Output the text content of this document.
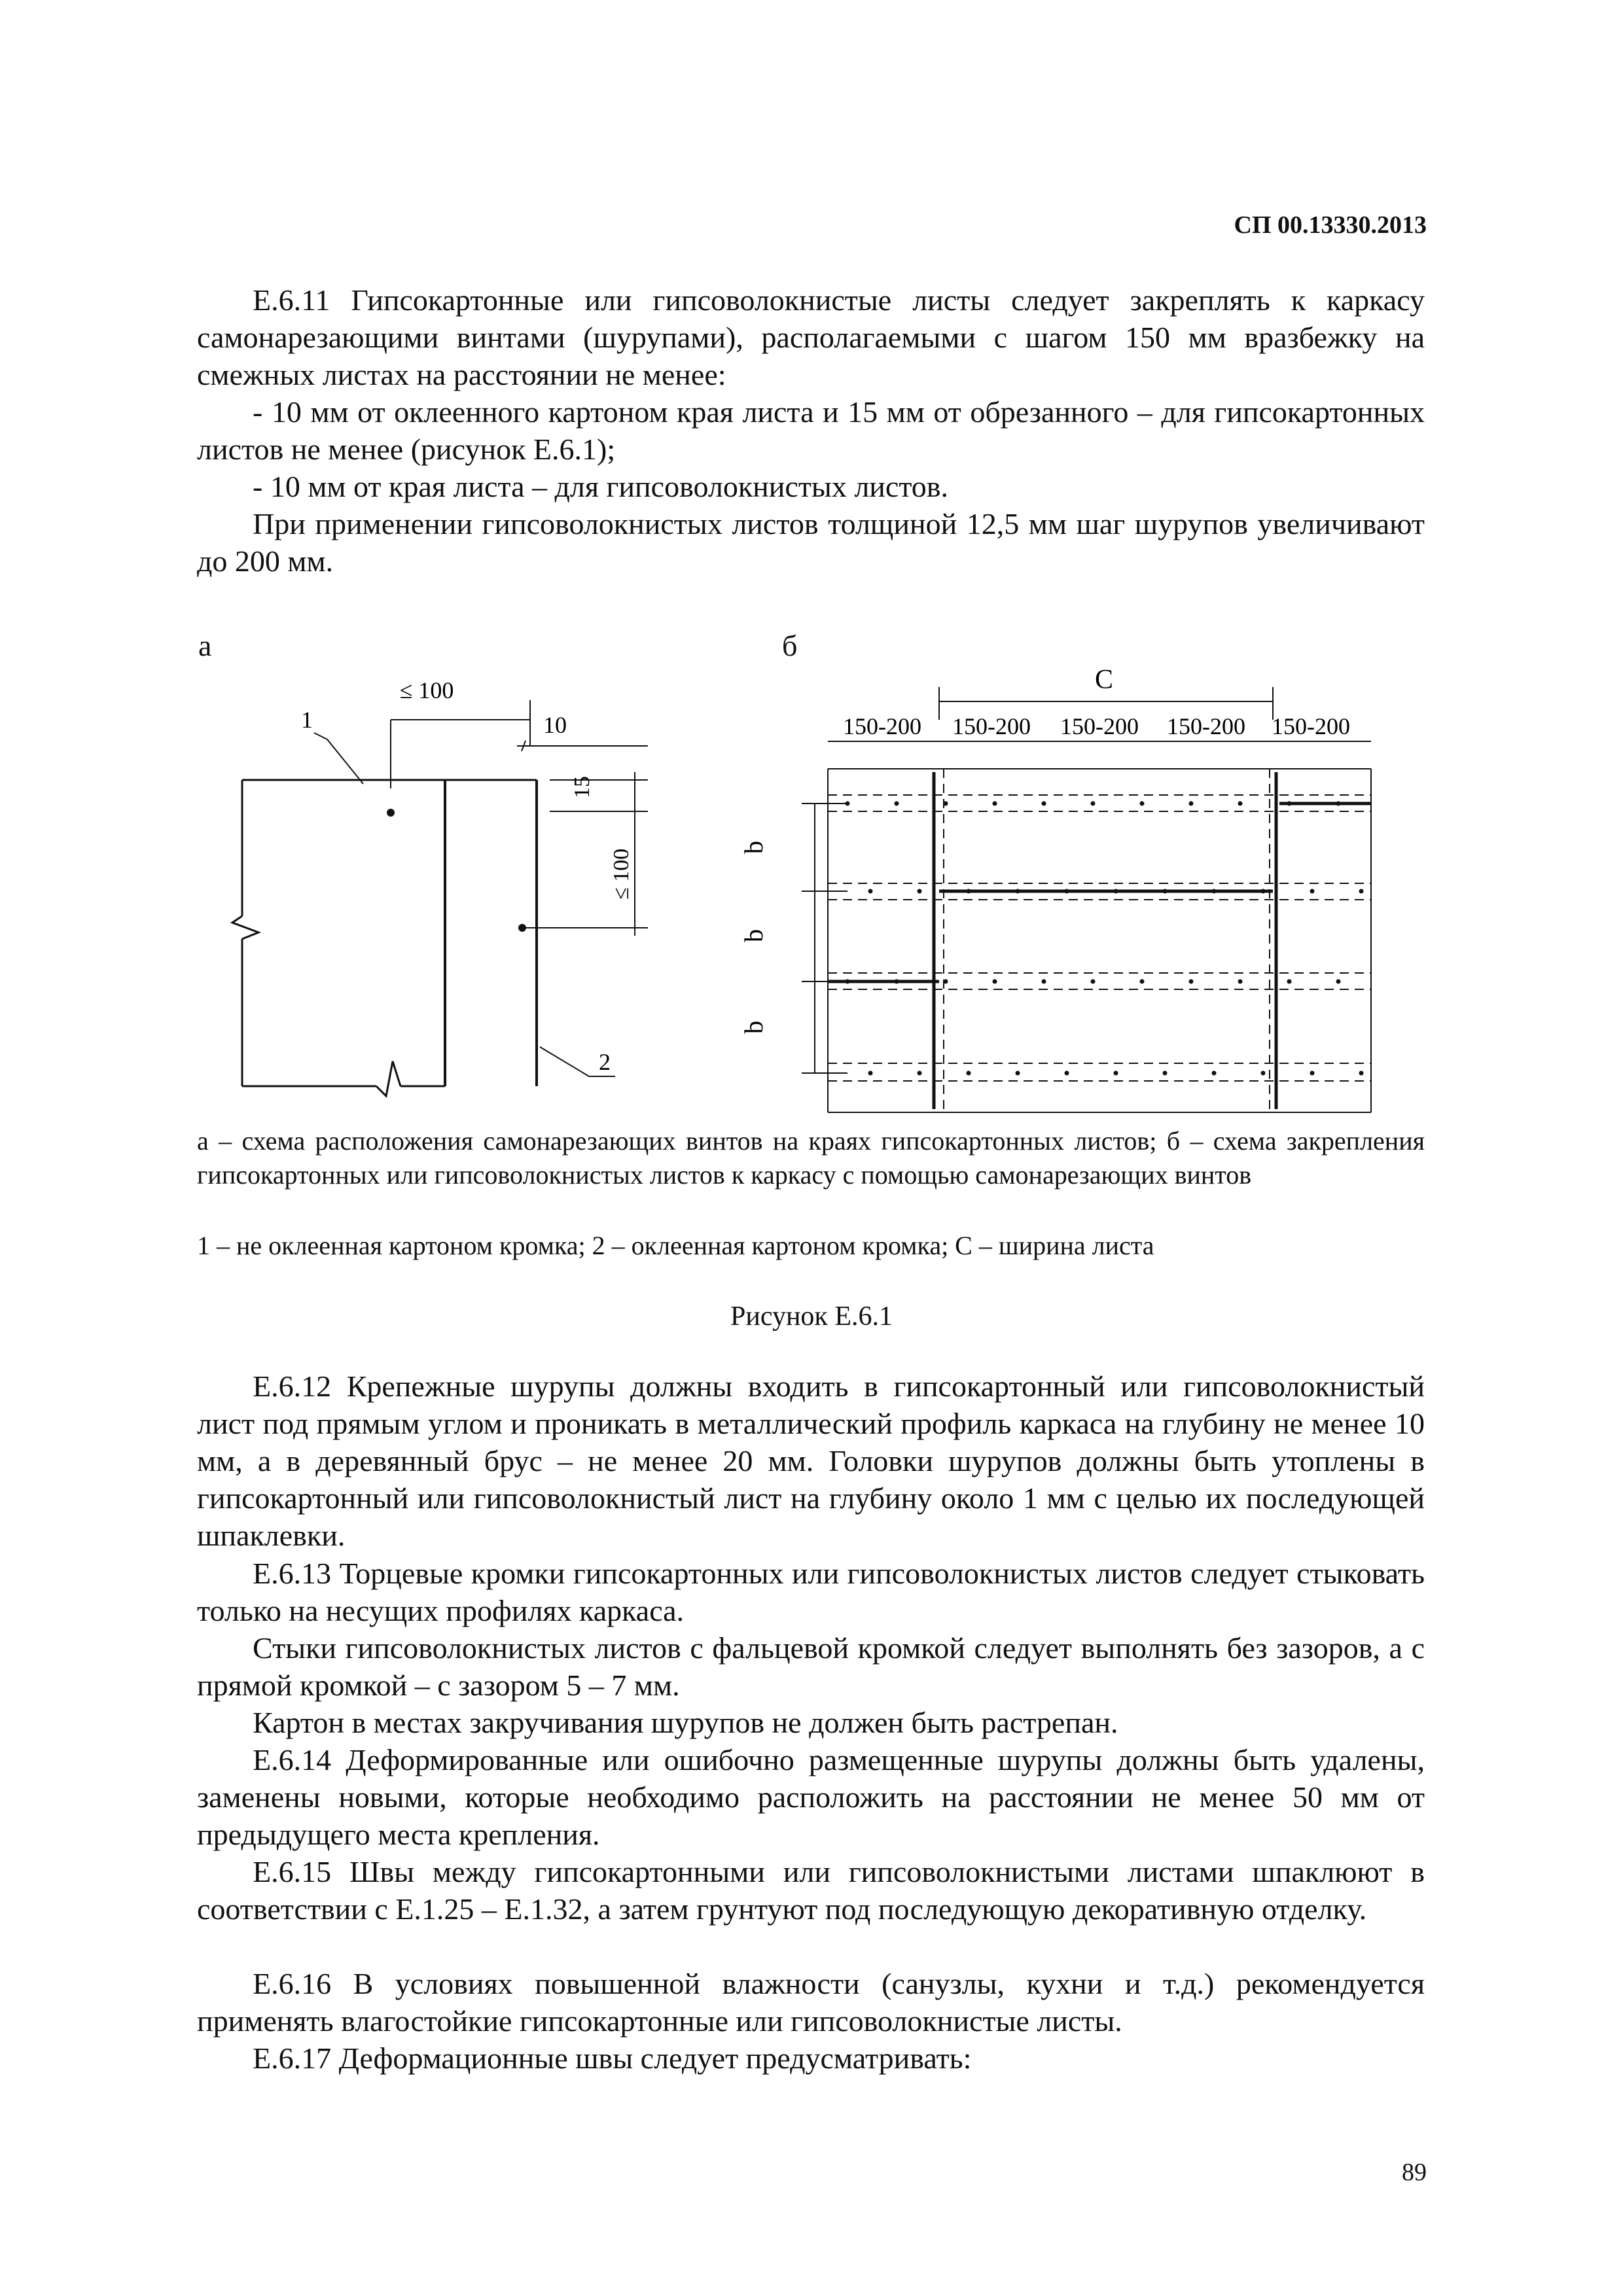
СП 00.13330.2013

Е.6.11 Гипсокартонные или гипсоволокнистые листы следует закреплять к каркасу самонарезающими винтами (шурупами), располагаемыми с шагом 150 мм вразбежку на смежных листах на расстоянии не менее:

- 10 мм от оклеенного картоном края листа и 15 мм от обрезанного – для гипсокартонных листов не менее (рисунок Е.6.1);

- 10 мм от края листа – для гипсоволокнистых листов.

При применении гипсоволокнистых листов толщиной 12,5 мм шаг шурупов увеличивают до 200 мм.

а	б
≤ 100
10
15
≤ 100
1
2
С
150-200 150-200 150-200 150-200 150-200
b
b
b

а – схема расположения самонарезающих винтов на краях гипсокартонных листов; б – схема закрепления гипсокартонных или гипсоволокнистых листов к каркасу с помощью самонарезающих винтов

1 – не оклеенная картоном кромка; 2 – оклеенная картоном кромка; С – ширина листа

Рисунок Е.6.1

Е.6.12 Крепежные шурупы должны входить в гипсокартонный или гипсоволокнистый лист под прямым углом и проникать в металлический профиль каркаса на глубину не менее 10 мм, а в деревянный брус – не менее 20 мм. Головки шурупов должны быть утоплены в гипсокартонный или гипсоволокнистый лист на глубину около 1 мм с целью их последующей шпаклевки.

Е.6.13 Торцевые кромки гипсокартонных или гипсоволокнистых листов следует стыковать только на несущих профилях каркаса.

Стыки гипсоволокнистых листов с фальцевой кромкой следует выполнять без зазоров, а с прямой кромкой – с зазором 5 – 7 мм.

Картон в местах закручивания шурупов не должен быть растрепан.

Е.6.14 Деформированные или ошибочно размещенные шурупы должны быть удалены, заменены новыми, которые необходимо расположить на расстоянии не менее 50 мм от предыдущего места крепления.

Е.6.15 Швы между гипсокартонными или гипсоволокнистыми листами шпаклюют в соответствии с Е.1.25 – Е.1.32, а затем грунтуют под последующую декоративную отделку.

Е.6.16 В условиях повышенной влажности (санузлы, кухни и т.д.) рекомендуется применять влагостойкие гипсокартонные или гипсоволокнистые листы.

Е.6.17 Деформационные швы следует предусматривать:

89
